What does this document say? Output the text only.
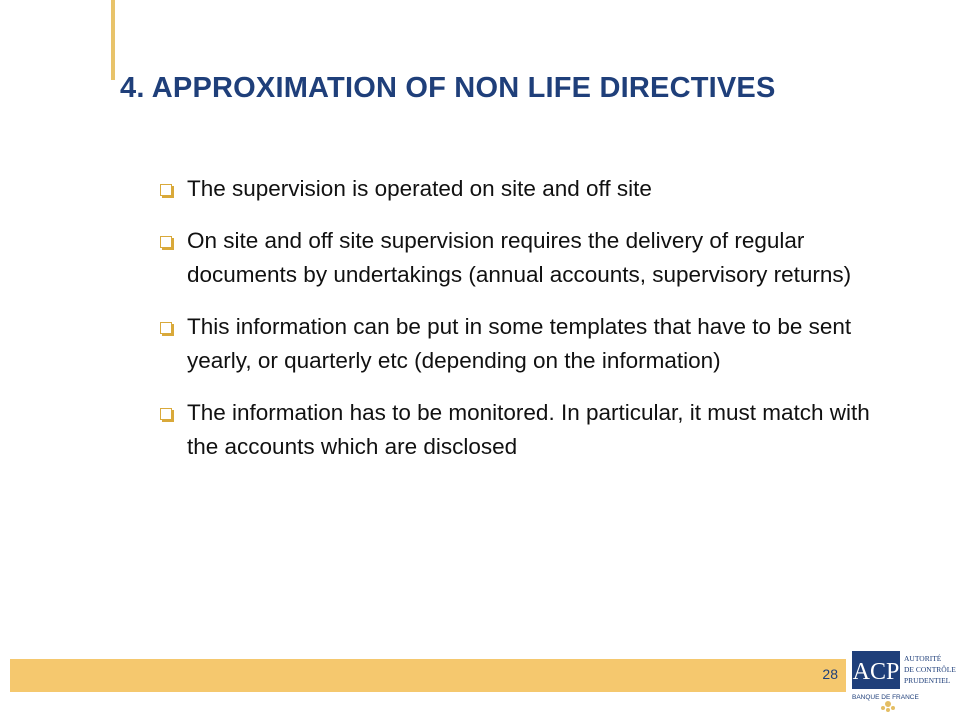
4. APPROXIMATION OF NON LIFE DIRECTIVES
The supervision is operated on site and off site
On site and off site supervision requires the delivery of regular documents by undertakings (annual accounts, supervisory returns)
This information can be put in some templates that have to be sent yearly, or quarterly etc (depending on the information)
The information has to be monitored. In particular, it must match with the accounts which are disclosed
28 ACP
AUTORITÉ
DE CONTRÔLE
PRUDENTIEL
BANQUE DE FRANCE
